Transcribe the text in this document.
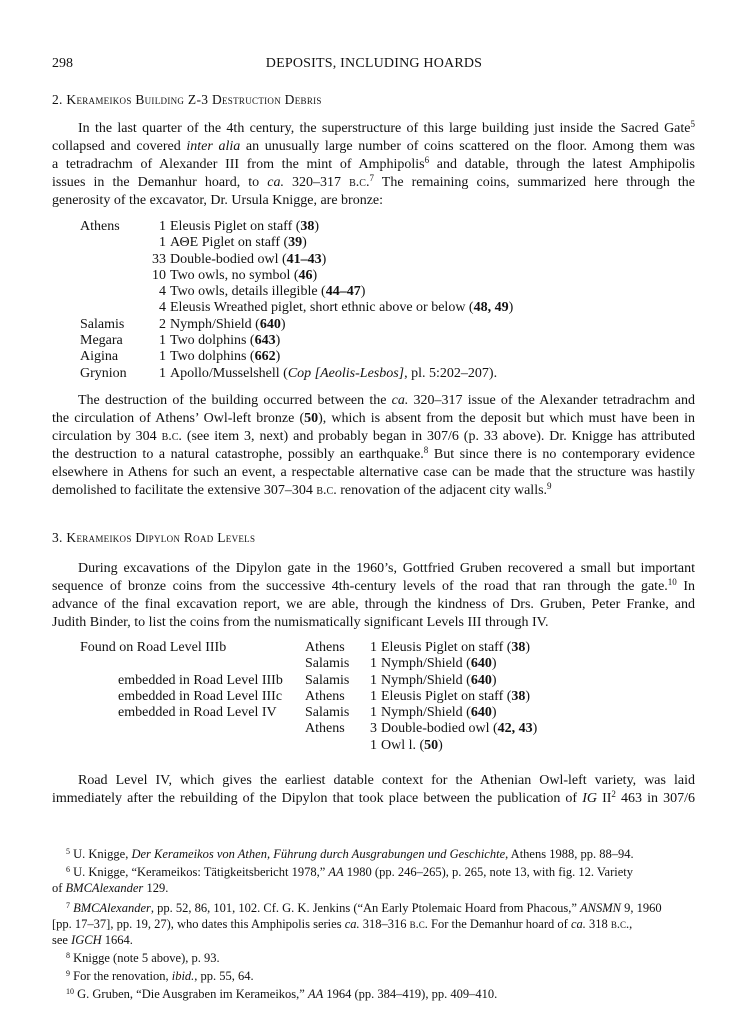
298	DEPOSITS, INCLUDING HOARDS
2. Kerameikos Building Z-3 Destruction Debris
In the last quarter of the 4th century, the superstructure of this large building just inside the Sacred Gate$^5$
collapsed and covered inter alia an unusually large number of coins scattered on the floor. Among them was
a tetradrachm of Alexander III from the mint of Amphipolis$^6$ and datable, through the latest Amphipolis
issues in the Demanhur hoard, to ca. 320–317 b.c.$^7$ The remaining coins, summarized here through the
generosity of the excavator, Dr. Ursula Knigge, are bronze:
Athens	1 Eleusis Piglet on staff (38)
1 ΑΘΕ Piglet on staff (39)
33 Double-bodied owl (41–43)
10 Two owls, no symbol (46)
4 Two owls, details illegible (44–47)
4 Eleusis Wreathed piglet, short ethnic above or below (48, 49)
Salamis 2 Nymph/Shield (640)
Megara	1 Two dolphins (643)
Aigina	1 Two dolphins (662)
Grynion 1 Apollo/Musselshell (Cop [Aeolis-Lesbos], pl. 5:202–207).
The destruction of the building occurred between the ca. 320–317 issue of the Alexander tetradrachm and
the circulation of Athens’ Owl-left bronze (50), which is absent from the deposit but which must have been in
circulation by 304 b.c. (see item 3, next) and probably began in 307/6 (p. 33 above). Dr. Knigge has attributed
the destruction to a natural catastrophe, possibly an earthquake.$^8$ But since there is no contemporary evidence
elsewhere in Athens for such an event, a respectable alternative case can be made that the structure was hastily
demolished to facilitate the extensive 307–304 b.c. renovation of the adjacent city walls.$^9$
3. Kerameikos Dipylon Road Levels
During excavations of the Dipylon gate in the 1960’s, Gottfried Gruben recovered a small but important
sequence of bronze coins from the successive 4th-century levels of the road that ran through the gate.$^{10}$ In
advance of the final excavation report, we are able, through the kindness of Drs. Gruben, Peter Franke, and
Judith Binder, to list the coins from the numismatically significant Levels III through IV.
Found on Road Level IIIb	Athens 1 Eleusis Piglet on staff (38)
Salamis 1 Nymph/Shield (640)
embedded in Road Level IIIb Salamis 1 Nymph/Shield (640)
embedded in Road Level IIIc Athens 1 Eleusis Piglet on staff (38)
embedded in Road Level IV Salamis 1 Nymph/Shield (640)
Athens 3 Double-bodied owl (42, 43)
1 Owl l. (50)
Road Level IV, which gives the earliest datable context for the Athenian Owl-left variety, was laid
immediately after the rebuilding of the Dipylon that took place between the publication of IG $II^2$ 463 in 307/6
$^5$ U. Knigge, Der Kerameikos von Athen, Führung durch Ausgrabungen und Geschichte, Athens 1988, pp. 88–94.
$^6$ U. Knigge, “Kerameikos: Tätigkeitsbericht 1978,” AA 1980 (pp. 246–265), p. 265, note 13, with fig. 12. Variety
of BMCAlexander 129.
$^7$ BMCAlexander, pp. 52, 86, 101, 102. Cf. G. K. Jenkins (“An Early Ptolemaic Hoard from Phacous,” ANSMN 9, 1960
[pp. 17–37], pp. 19, 27), who dates this Amphipolis series ca. 318–316 b.c. For the Demanhur hoard of ca. 318 b.c.,
see IGCH 1664.
$^8$ Knigge (note 5 above), p. 93.
$^9$ For the renovation, ibid., pp. 55, 64.
$^{10}$ G. Gruben, “Die Ausgraben im Kerameikos,” AA 1964 (pp. 384–419), pp. 409–410.
